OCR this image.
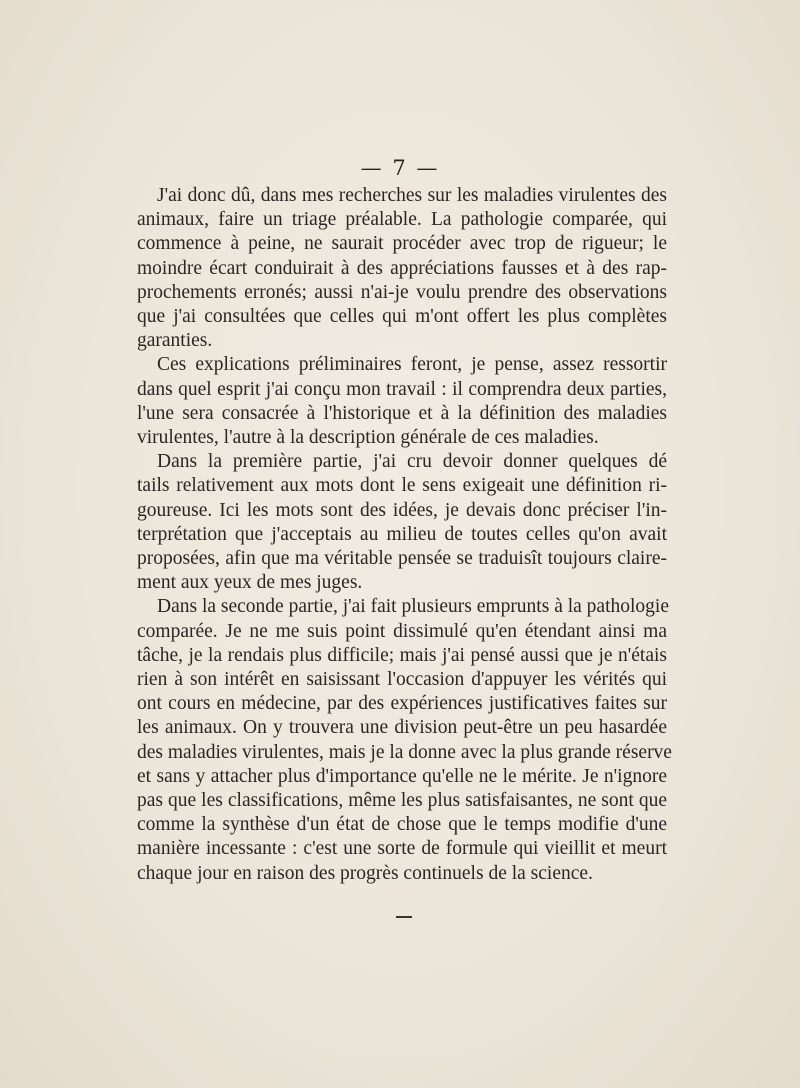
— 7 —
J'ai donc dû, dans mes recherches sur les maladies virulentes des
animaux, faire un triage préalable. La pathologie comparée, qui
commence à peine, ne saurait procéder avec trop de rigueur; le
moindre écart conduirait à des appréciations fausses et à des rap-
prochements erronés; aussi n'ai-je voulu prendre des observations
que j'ai consultées que celles qui m'ont offert les plus complètes
garanties.
Ces explications préliminaires feront, je pense, assez ressortir
dans quel esprit j'ai conçu mon travail : il comprendra deux parties,
l'une sera consacrée à l'historique et à la définition des maladies
virulentes, l'autre à la description générale de ces maladies.
Dans la première partie, j'ai cru devoir donner quelques dé
tails relativement aux mots dont le sens exigeait une définition ri-
goureuse. Ici les mots sont des idées, je devais donc préciser l'in-
terprétation que j'acceptais au milieu de toutes celles qu'on avait
proposées, afin que ma véritable pensée se traduisît toujours claire-
ment aux yeux de mes juges.
Dans la seconde partie, j'ai fait plusieurs emprunts à la pathologie
comparée. Je ne me suis point dissimulé qu'en étendant ainsi ma
tâche, je la rendais plus difficile; mais j'ai pensé aussi que je n'étais
rien à son intérêt en saisissant l'occasion d'appuyer les vérités qui
ont cours en médecine, par des expériences justificatives faites sur
les animaux. On y trouvera une division peut-être un peu hasardée
des maladies virulentes, mais je la donne avec la plus grande réserve
et sans y attacher plus d'importance qu'elle ne le mérite. Je n'ignore
pas que les classifications, même les plus satisfaisantes, ne sont que
comme la synthèse d'un état de chose que le temps modifie d'une
manière incessante : c'est une sorte de formule qui vieillit et meurt
chaque jour en raison des progrès continuels de la science.
